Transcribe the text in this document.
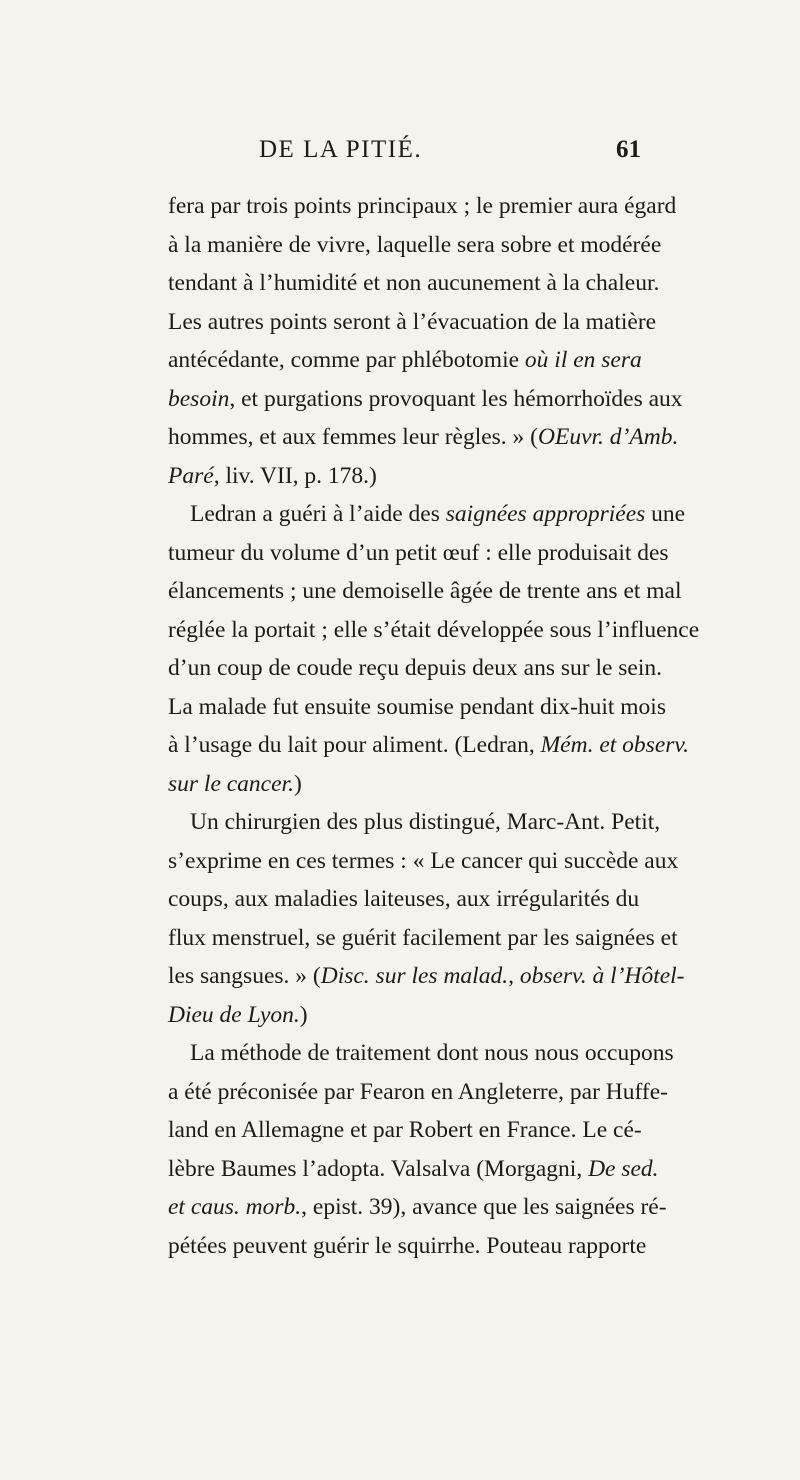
DE LA PITIÉ.	61
fera par trois points principaux ; le premier aura égard
à la manière de vivre, laquelle sera sobre et modérée
tendant à l’humidité et non aucunement à la chaleur.
Les autres points seront à l’évacuation de la matière
antécédante, comme par phlébotomie où il en sera
besoin, et purgations provoquant les hémorrhoïdes aux
hommes, et aux femmes leur règles. » (OEuvr. d’Amb.
Paré, liv. VII, p. 178.)
Ledran a guéri à l’aide des saignées appropriées une
tumeur du volume d’un petit œuf : elle produisait des
élancements ; une demoiselle âgée de trente ans et mal
réglée la portait ; elle s’était développée sous l’influence
d’un coup de coude reçu depuis deux ans sur le sein.
La malade fut ensuite soumise pendant dix-huit mois
à l’usage du lait pour aliment. (Ledran, Mém. et observ.
sur le cancer.)
Un chirurgien des plus distingué, Marc-Ant. Petit,
s’exprime en ces termes : « Le cancer qui succède aux
coups, aux maladies laiteuses, aux irrégularités du
flux menstruel, se guérit facilement par les saignées et
les sangsues. » (Disc. sur les malad., observ. à l’Hôtel-
Dieu de Lyon.)
La méthode de traitement dont nous nous occupons
a été préconisée par Fearon en Angleterre, par Huffe-
land en Allemagne et par Robert en France. Le cé-
lèbre Baumes l’adopta. Valsalva (Morgagni, De sed.
et caus. morb., epist. 39), avance que les saignées ré-
pétées peuvent guérir le squirrhe. Pouteau rapporte
